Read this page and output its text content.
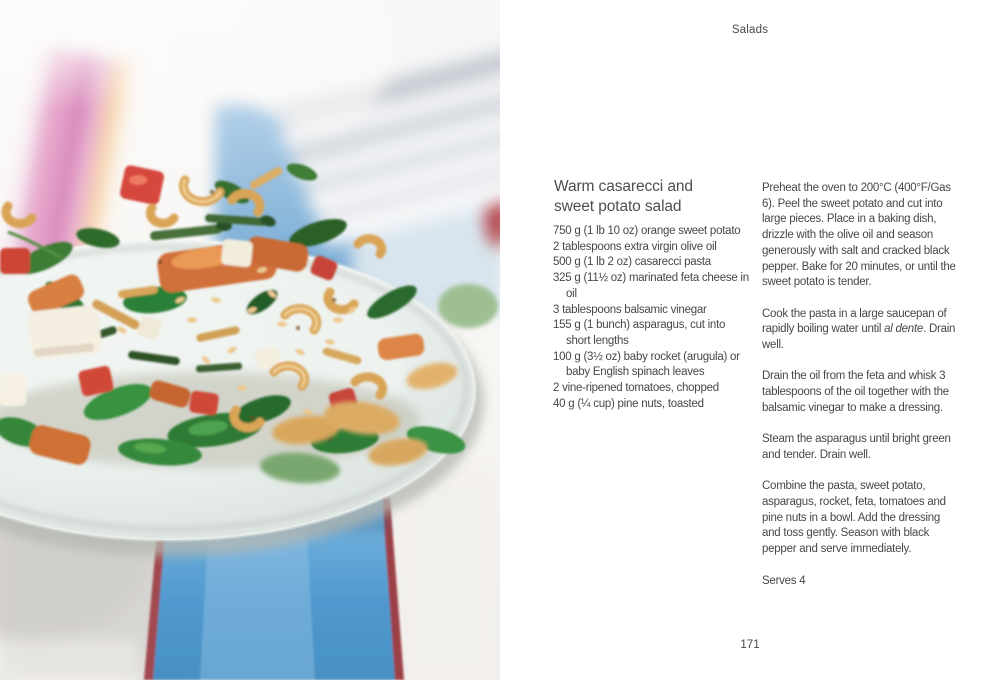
Salads
Warm casarecci and
sweet potato salad
750 g (1 lb 10 oz) orange sweet potato
2 tablespoons extra virgin olive oil
500 g (1 lb 2 oz) casarecci pasta
325 g (11½ oz) marinated feta cheese in oil
3 tablespoons balsamic vinegar
155 g (1 bunch) asparagus, cut into short lengths
100 g (3½ oz) baby rocket (arugula) or baby English spinach leaves
2 vine-ripened tomatoes, chopped
40 g (¼ cup) pine nuts, toasted

Preheat the oven to 200°C (400°F/Gas 6). Peel the sweet potato and cut into large pieces. Place in a baking dish, drizzle with the olive oil and season generously with salt and cracked black pepper. Bake for 20 minutes, or until the sweet potato is tender.

Cook the pasta in a large saucepan of rapidly boiling water until al dente. Drain well.

Drain the oil from the feta and whisk 3 tablespoons of the oil together with the balsamic vinegar to make a dressing.

Steam the asparagus until bright green and tender. Drain well.

Combine the pasta, sweet potato, asparagus, rocket, feta, tomatoes and pine nuts in a bowl. Add the dressing and toss gently. Season with black pepper and serve immediately.

Serves 4

171
